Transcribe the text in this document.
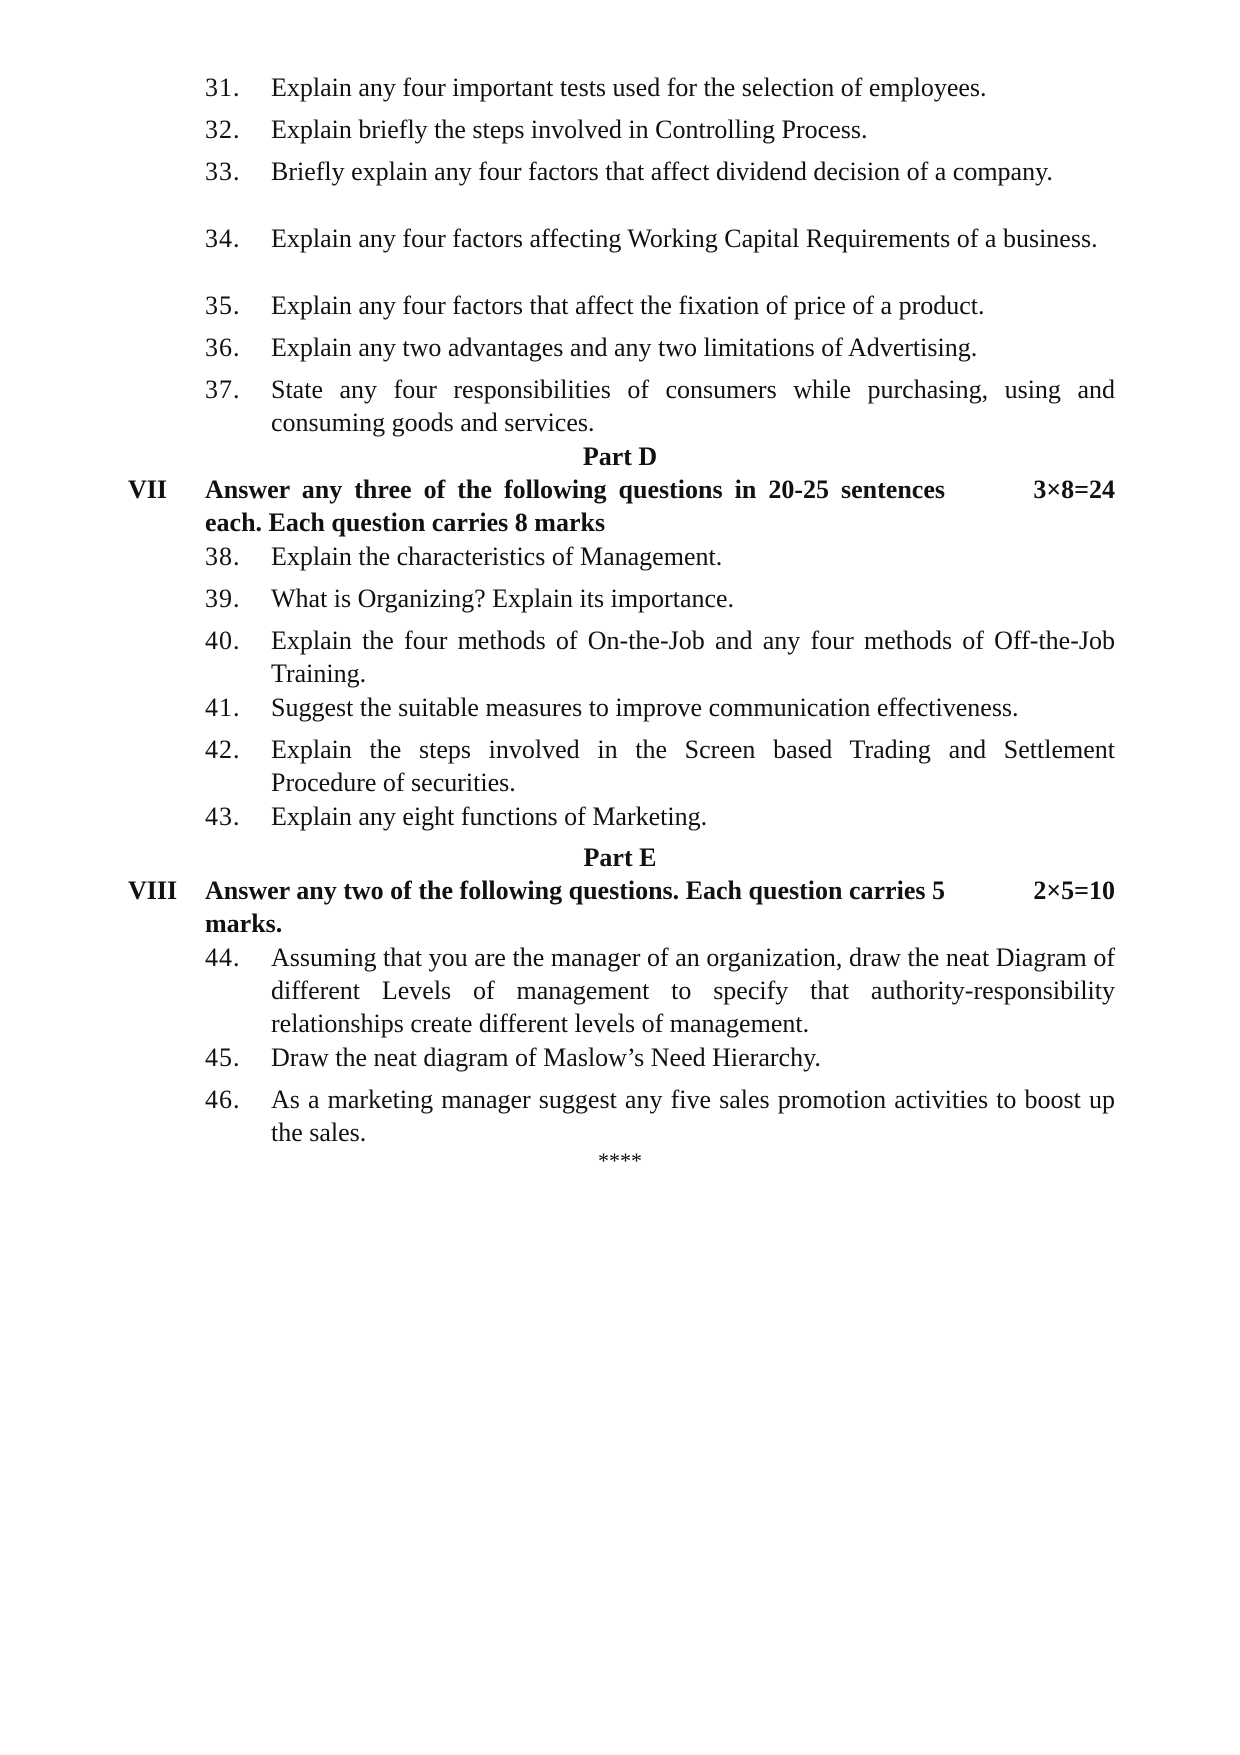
31.	Explain any four important tests used for the selection of employees.
32.	Explain briefly the steps involved in Controlling Process.
33.	Briefly explain any four factors that affect dividend decision of a company.
34.	Explain any four factors affecting Working Capital Requirements of a business.
35.	Explain any four factors that affect the fixation of price of a product.
36.	Explain any two advantages and any two limitations of Advertising.
37.	State any four responsibilities of consumers while purchasing, using and consuming goods and services.
Part D
VII Answer any three of the following questions in 20-25 sentences each. Each question carries 8 marks
3×8=24
38.	Explain the characteristics of Management.
39.	What is Organizing? Explain its importance.
40.	Explain the four methods of On-the-Job and any four methods of Off-the-Job Training.
41.	Suggest the suitable measures to improve communication effectiveness.
42.	Explain the steps involved in the Screen based Trading and Settlement Procedure of securities.
43.	Explain any eight functions of Marketing.
Part E
VIII Answer any two of the following questions. Each question carries 5 marks.
2×5=10
44.	Assuming that you are the manager of an organization, draw the neat Diagram of different Levels of management to specify that authority-responsibility relationships create different levels of management.
45.	Draw the neat diagram of Maslow’s Need Hierarchy.
46.	As a marketing manager suggest any five sales promotion activities to boost up the sales.
****
